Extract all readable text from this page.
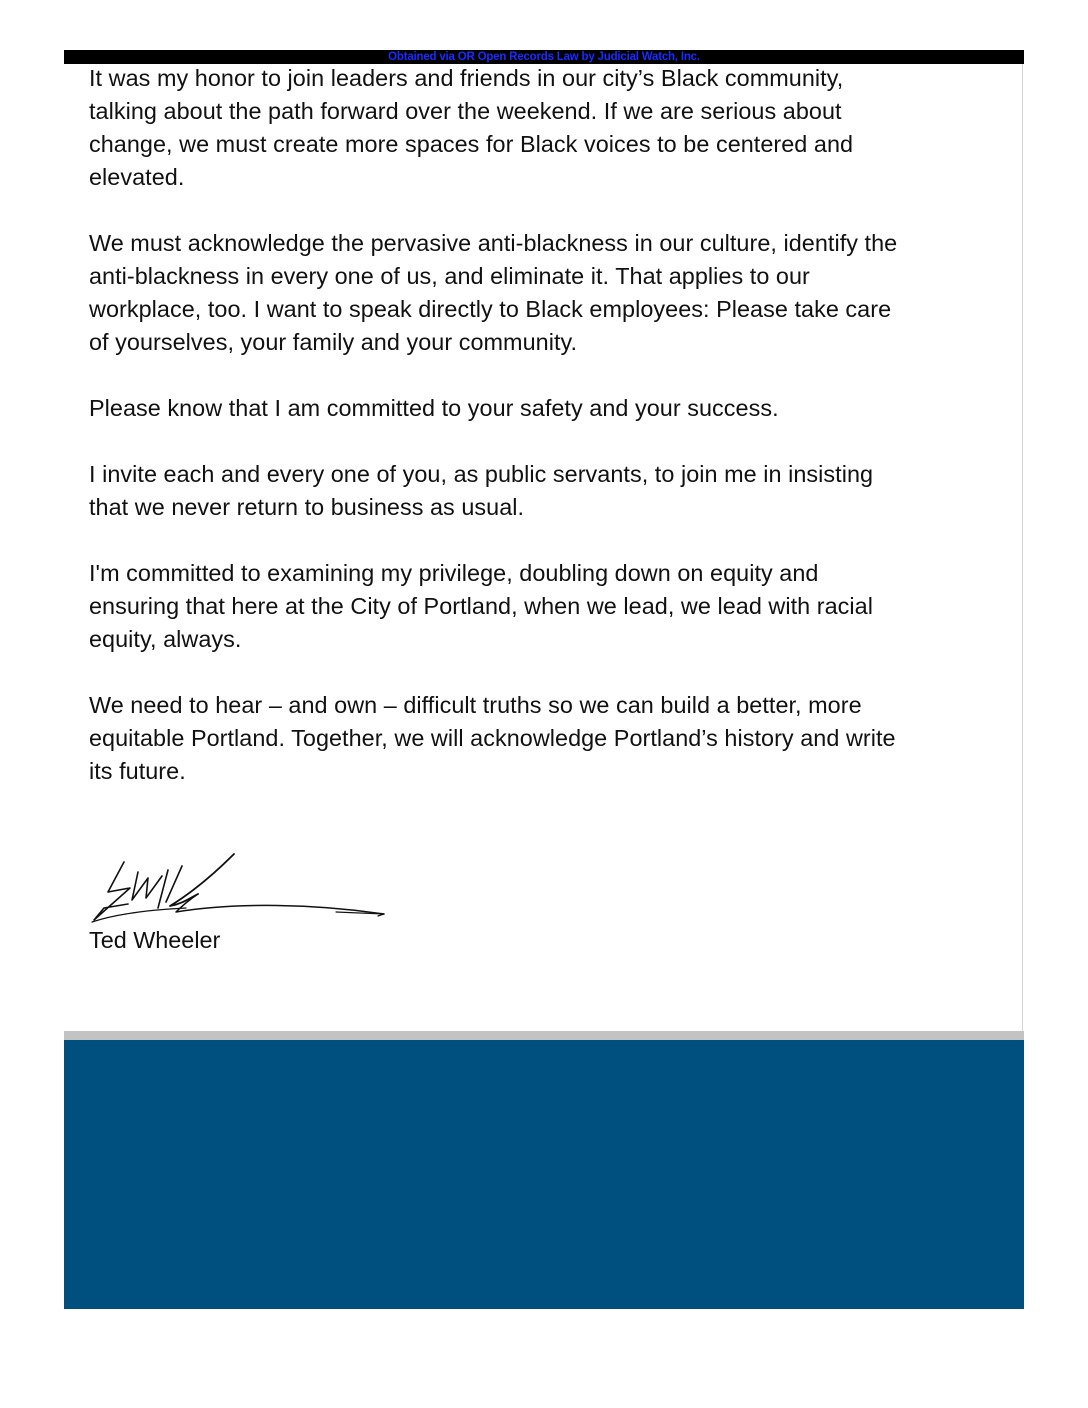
Obtained via OR Open Records Law by Judicial Watch, Inc.

It was my honor to join leaders and friends in our city’s Black community,
talking about the path forward over the weekend. If we are serious about
change, we must create more spaces for Black voices to be centered and
elevated.

We must acknowledge the pervasive anti-blackness in our culture, identify the
anti-blackness in every one of us, and eliminate it. That applies to our
workplace, too. I want to speak directly to Black employees: Please take care
of yourselves, your family and your community.

Please know that I am committed to your safety and your success.

I invite each and every one of you, as public servants, to join me in insisting
that we never return to business as usual.

I'm committed to examining my privilege, doubling down on equity and
ensuring that here at the City of Portland, when we lead, we lead with racial
equity, always.

We need to hear – and own – difficult truths so we can build a better, more
equitable Portland. Together, we will acknowledge Portland’s history and write
its future.

Ted Wheeler
